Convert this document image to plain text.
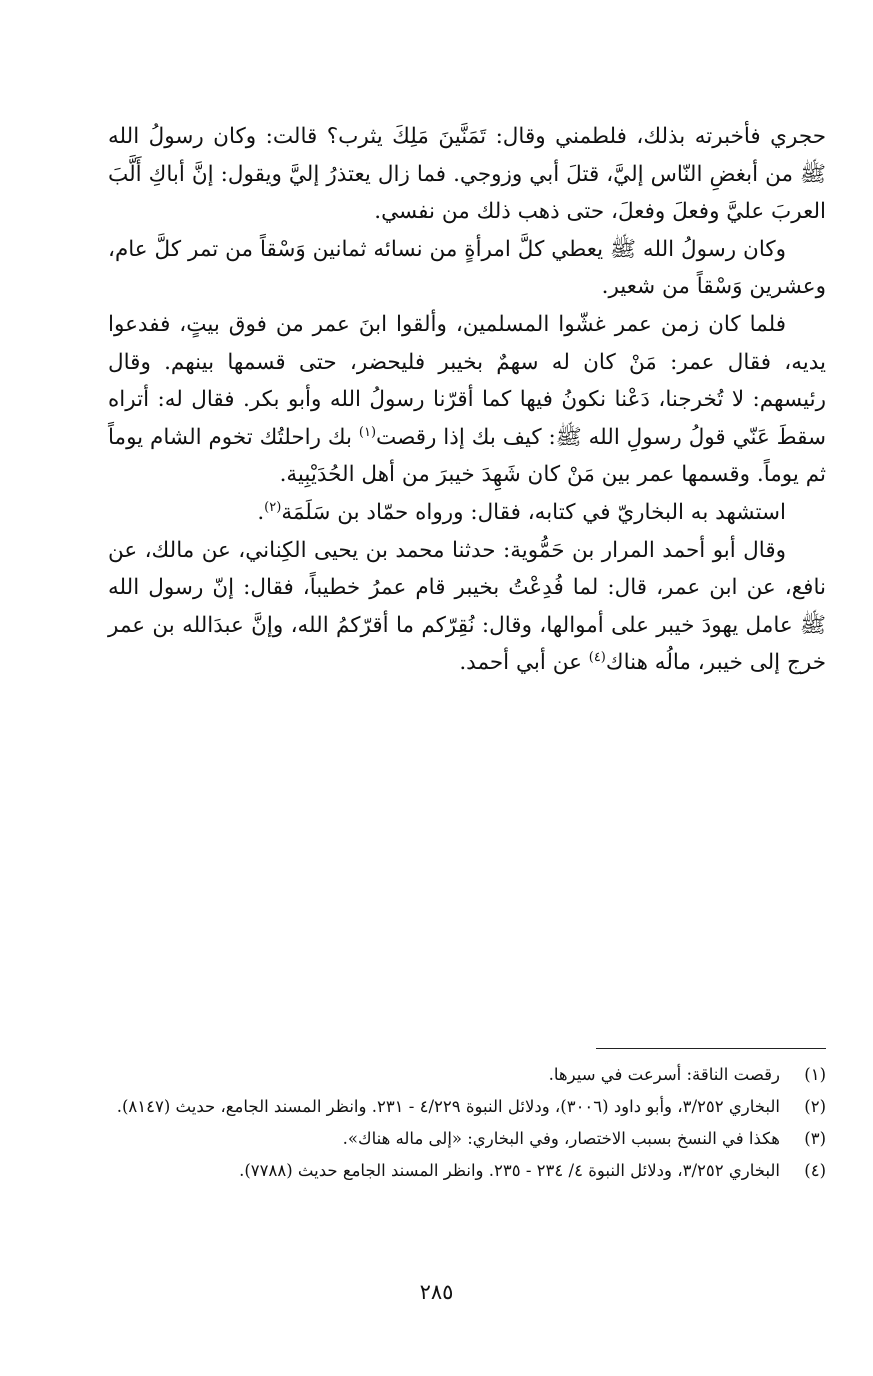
حجري فأخبرته بذلك، فلطمني وقال: تَمَنَّينَ مَلِكَ يثرب؟ قالت: وكان رسولُ الله ﷺ من أبغضِ النّاس إليَّ، قتلَ أبي وزوجي. فما زال يعتذرُ إليَّ ويقول: إنَّ أباكِ أَلَّبَ العربَ عليَّ وفعلَ وفعلَ، حتى ذهب ذلك من نفسي.

وكان رسولُ الله ﷺ يعطي كلَّ امرأةٍ من نسائه ثمانين وَسْقاً من تمر كلَّ عام، وعشرين وَسْقاً من شعير.

فلما كان زمن عمر غشّوا المسلمين، وألقوا ابنَ عمر من فوق بيتٍ، ففدعوا يديه، فقال عمر: مَنْ كان له سهمٌ بخيبر فليحضر، حتى قسمها بينهم. وقال رئيسهم: لا تُخرجنا، دَعْنا نكونُ فيها كما أقرّنا رسولُ الله وأبو بكر. فقال له: أتراه سقطَ عَنّي قولُ رسولِ الله ﷺ: كيف بك إذا رقصت$^{(١)}$ بك راحلتُك تخوم الشام يوماً ثم يوماً. وقسمها عمر بين مَنْ كان شَهِدَ خيبرَ من أهل الحُدَيْبِية.

استشهد به البخاريّ في كتابه، فقال: ورواه حمّاد بن سَلَمَة$^{(٢)}$.

وقال أبو أحمد المرار بن حَمُّوية: حدثنا محمد بن يحيى الكِناني، عن مالك، عن نافع، عن ابن عمر، قال: لما فُدِعْتُ بخيبر قام عمرُ خطيباً، فقال: إنّ رسول الله ﷺ عامل يهودَ خيبر على أموالها، وقال: نُقِرّكم ما أقرّكمُ الله، وإنَّ عبدَالله بن عمر خرج إلى خيبر، مالُه هناك$^{(٤)}$ عن أبي أحمد.

(١)
رقصت الناقة: أسرعت في سيرها.
(٢)
البخاري ٣/٢٥٢، وأبو داود (٣٠٠٦)، ودلائل النبوة ٤/٢٢٩ - ٢٣١. وانظر المسند الجامع، حديث (٨١٤٧).
(٣)
هكذا في النسخ بسبب الاختصار، وفي البخاري: «إلى ماله هناك».
(٤)
البخاري ٣/٢٥٢، ودلائل النبوة ٤/ ٢٣٤ - ٢٣٥. وانظر المسند الجامع حديث (٧٧٨٨).
٢٨٥
